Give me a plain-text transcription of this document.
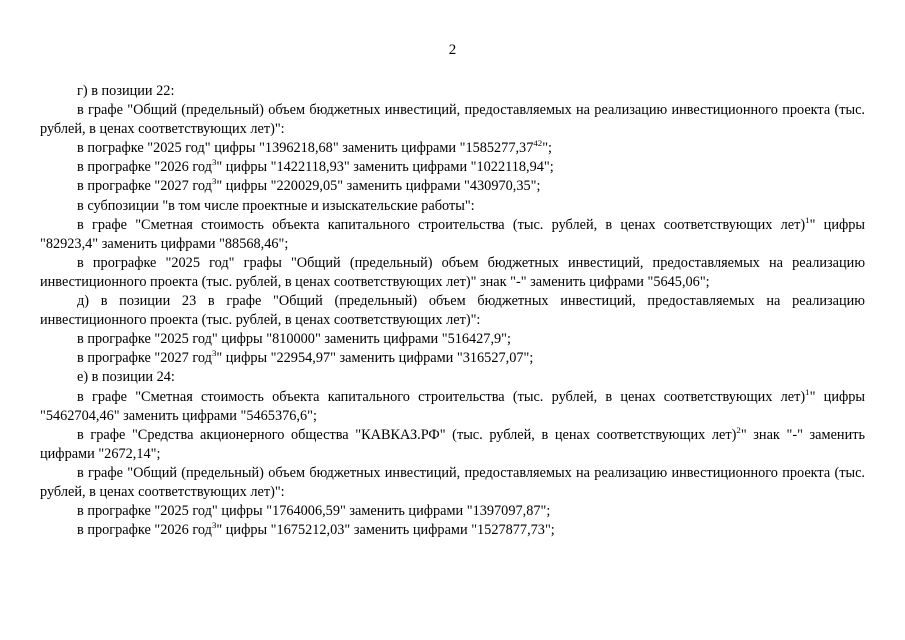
2

г) в позиции 22:

в графе "Общий (предельный) объем бюджетных инвестиций, предоставляемых на реализацию инвестиционного проекта (тыс. рублей, в ценах соответствующих лет)":

в пографке "2025 год" цифры "1396218,68" заменить цифрами "1585277,37$^{42}$";

в прографке "2026 год$^3$" цифры "1422118,93" заменить цифрами "1022118,94";

в прографке "2027 год$^3$" цифры "220029,05" заменить цифрами "430970,35";

в субпозиции "в том числе проектные и изыскательские работы":

в графе "Сметная стоимость объекта капитального строительства (тыс. рублей, в ценах соответствующих лет)$^1$" цифры "82923,4" заменить цифрами "88568,46";

в прографке "2025 год" графы "Общий (предельный) объем бюджетных инвестиций, предоставляемых на реализацию инвестиционного проекта (тыс. рублей, в ценах соответствующих лет)" знак "-" заменить цифрами "5645,06";

д) в позиции 23 в графе "Общий (предельный) объем бюджетных инвестиций, предоставляемых на реализацию инвестиционного проекта (тыс. рублей, в ценах соответствующих лет)":

в прографке "2025 год" цифры "810000" заменить цифрами "516427,9";

в прографке "2027 год$^3$" цифры "22954,97" заменить цифрами "316527,07";

е) в позиции 24:

в графе "Сметная стоимость объекта капитального строительства (тыс. рублей, в ценах соответствующих лет)$^1$" цифры "5462704,46" заменить цифрами "5465376,6";

в графе "Средства акционерного общества "КАВКАЗ.РФ" (тыс. рублей, в ценах соответствующих лет)$^2$" знак "-" заменить цифрами "2672,14";

в графе "Общий (предельный) объем бюджетных инвестиций, предоставляемых на реализацию инвестиционного проекта (тыс. рублей, в ценах соответствующих лет)":

в прографке "2025 год" цифры "1764006,59" заменить цифрами "1397097,87";

в прографке "2026 год$^3$" цифры "1675212,03" заменить цифрами "1527877,73";
